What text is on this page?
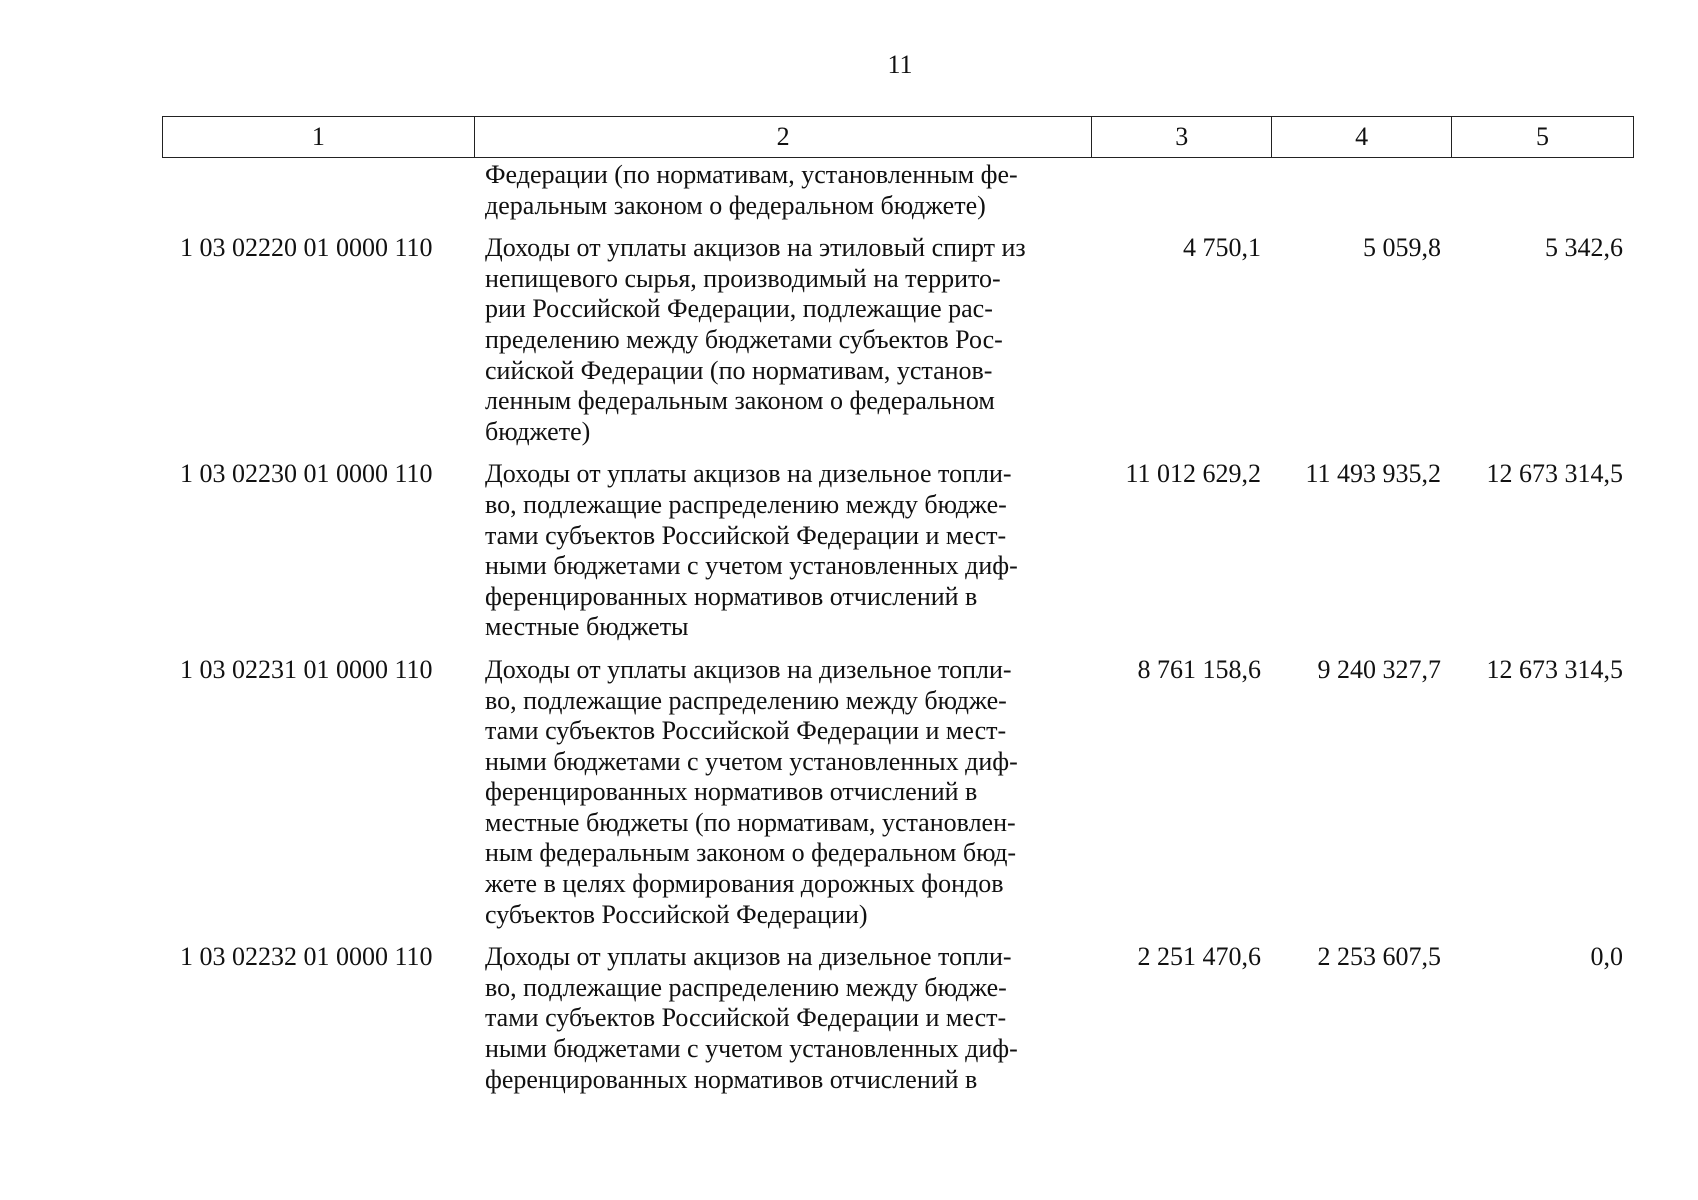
11
1	2	3	4	5
Федерации (по нормативам, установленным фе-
деральным законом о федеральном бюджете)
1 03 02220 01 0000 110	Доходы от уплаты акцизов на этиловый спирт из
непищевого сырья, производимый на террито-
рии Российской Федерации, подлежащие рас-
пределению между бюджетами субъектов Рос-
сийской Федерации (по нормативам, установ-
ленным федеральным законом о федеральном
бюджете)
4 750,1	5 059,8	5 342,6
1 03 02230 01 0000 110	Доходы от уплаты акцизов на дизельное топли-
во, подлежащие распределению между бюдже-
тами субъектов Российской Федерации и мест-
ными бюджетами с учетом установленных диф-
ференцированных нормативов отчислений в
местные бюджеты
11 012 629,2	11 493 935,2	12 673 314,5
1 03 02231 01 0000 110	Доходы от уплаты акцизов на дизельное топли-
во, подлежащие распределению между бюдже-
тами субъектов Российской Федерации и мест-
ными бюджетами с учетом установленных диф-
ференцированных нормативов отчислений в
местные бюджеты (по нормативам, установлен-
ным федеральным законом о федеральном бюд-
жете в целях формирования дорожных фондов
субъектов Российской Федерации)
8 761 158,6	9 240 327,7	12 673 314,5
1 03 02232 01 0000 110	Доходы от уплаты акцизов на дизельное топли-
во, подлежащие распределению между бюдже-
тами субъектов Российской Федерации и мест-
ными бюджетами с учетом установленных диф-
ференцированных нормативов отчислений в
2 251 470,6	2 253 607,5	0,0
